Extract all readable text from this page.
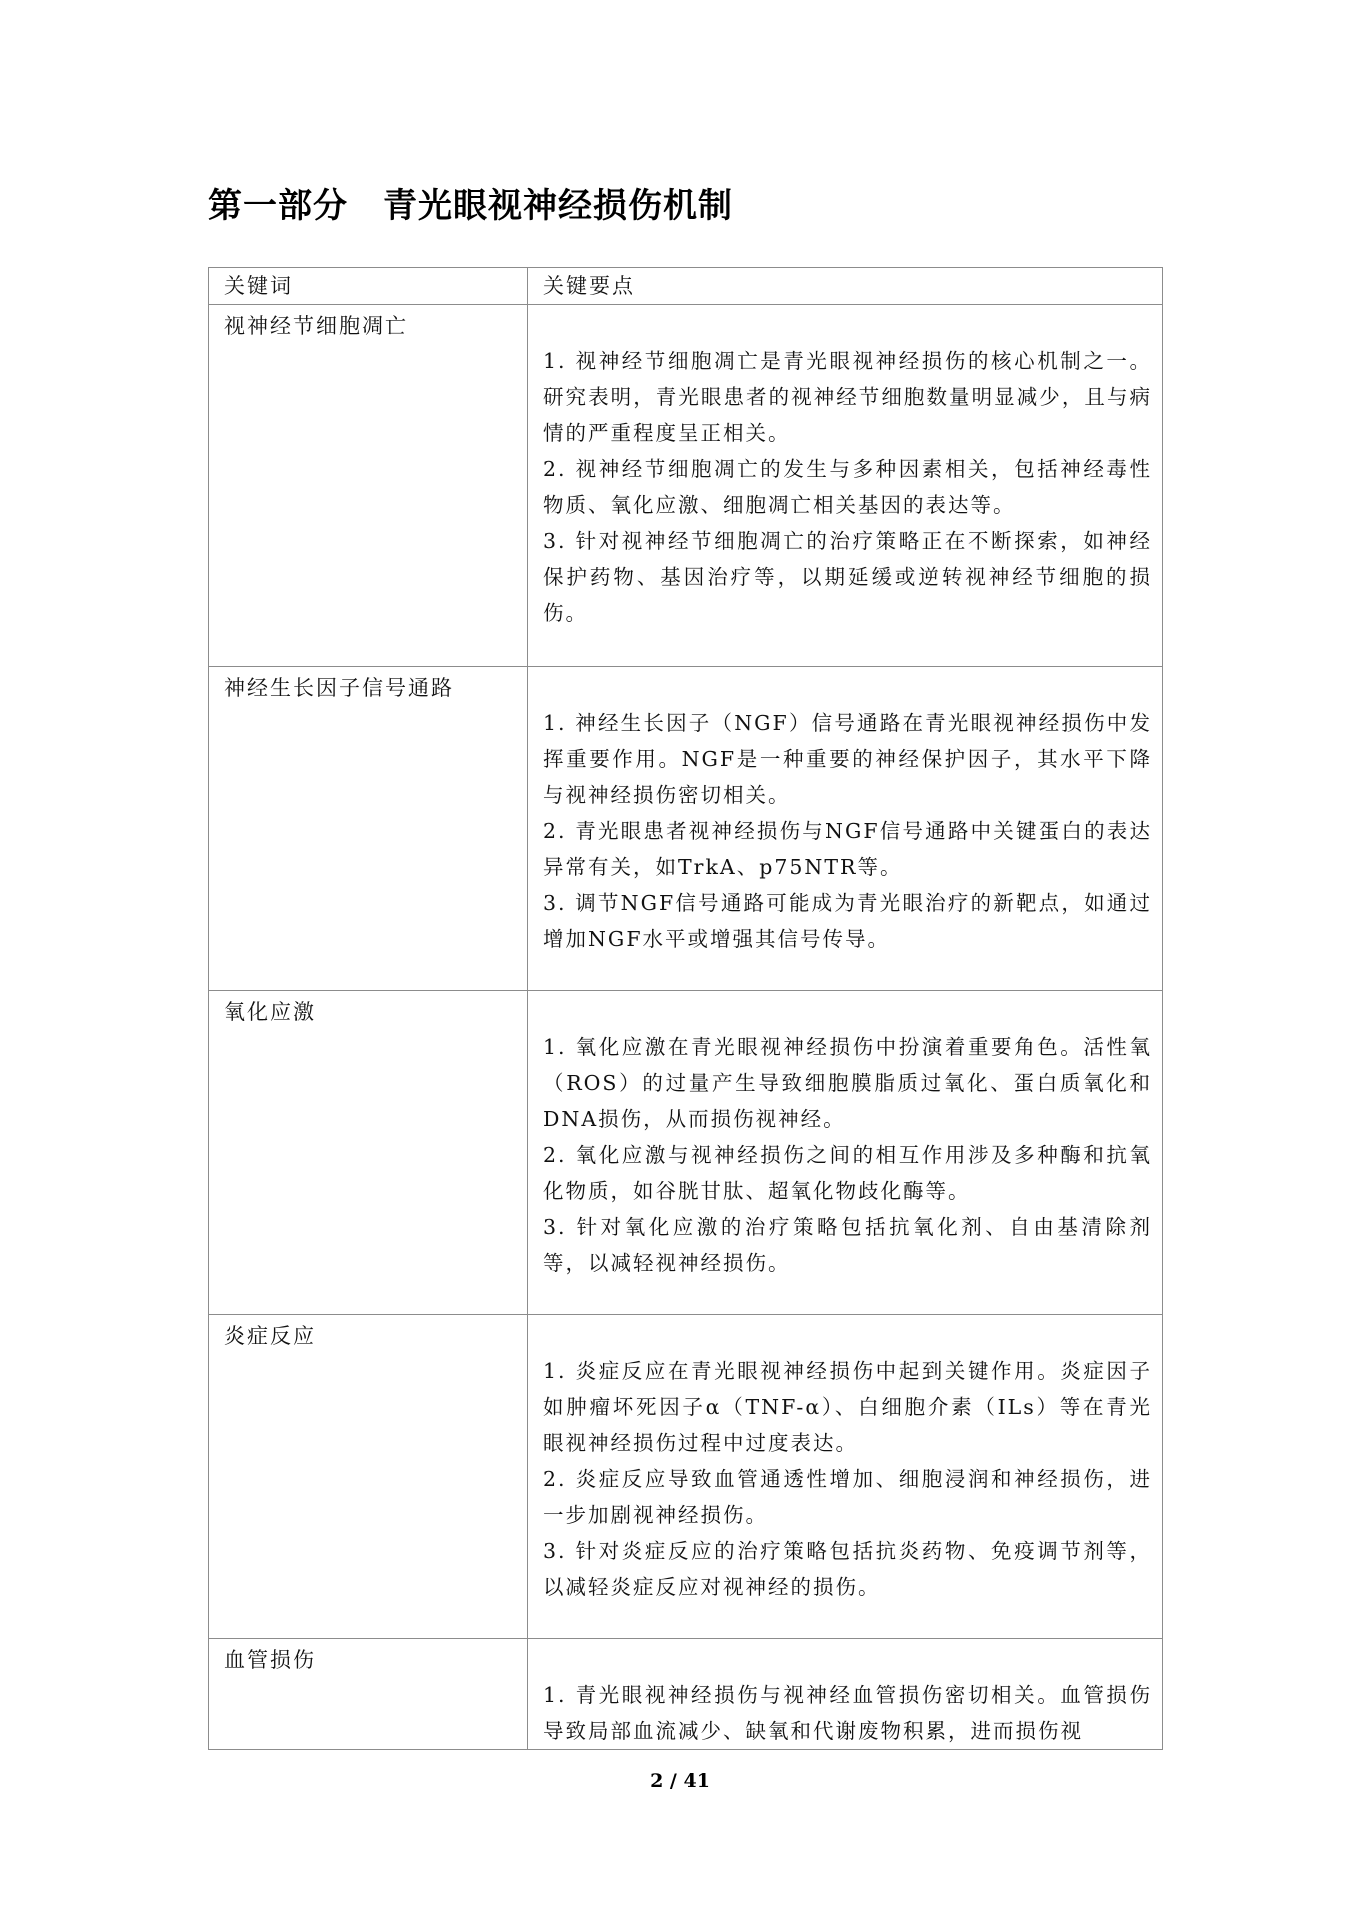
第一部分　青光眼视神经损伤机制
关键词	关键要点

视神经节细胞凋亡	1. 视神经节细胞凋亡是青光眼视神经损伤的核心机制之一。研究表明，青光眼患者的视神经节细胞数量明显减少，且与病情的严重程度呈正相关。
2. 视神经节细胞凋亡的发生与多种因素相关，包括神经毒性物质、氧化应激、细胞凋亡相关基因的表达等。
3. 针对视神经节细胞凋亡的治疗策略正在不断探索，如神经保护药物、基因治疗等，以期延缓或逆转视神经节细胞的损伤。

神经生长因子信号通路	1. 神经生长因子（NGF）信号通路在青光眼视神经损伤中发挥重要作用。NGF是一种重要的神经保护因子，其水平下降与视神经损伤密切相关。
2. 青光眼患者视神经损伤与NGF信号通路中关键蛋白的表达异常有关，如TrkA、p75NTR等。
3. 调节NGF信号通路可能成为青光眼治疗的新靶点，如通过增加NGF水平或增强其信号传导。

氧化应激	1. 氧化应激在青光眼视神经损伤中扮演着重要角色。活性氧（ROS）的过量产生导致细胞膜脂质过氧化、蛋白质氧化和DNA损伤，从而损伤视神经。
2. 氧化应激与视神经损伤之间的相互作用涉及多种酶和抗氧化物质，如谷胱甘肽、超氧化物歧化酶等。
3. 针对氧化应激的治疗策略包括抗氧化剂、自由基清除剂等，以减轻视神经损伤。

炎症反应	1. 炎症反应在青光眼视神经损伤中起到关键作用。炎症因子如肿瘤坏死因子α（TNF-α）、白细胞介素（ILs）等在青光眼视神经损伤过程中过度表达。
2. 炎症反应导致血管通透性增加、细胞浸润和神经损伤，进一步加剧视神经损伤。
3. 针对炎症反应的治疗策略包括抗炎药物、免疫调节剂等，以减轻炎症反应对视神经的损伤。

血管损伤	1. 青光眼视神经损伤与视神经血管损伤密切相关。血管损伤导致局部血流减少、缺氧和代谢废物积累，进而损伤视
2 / 41
